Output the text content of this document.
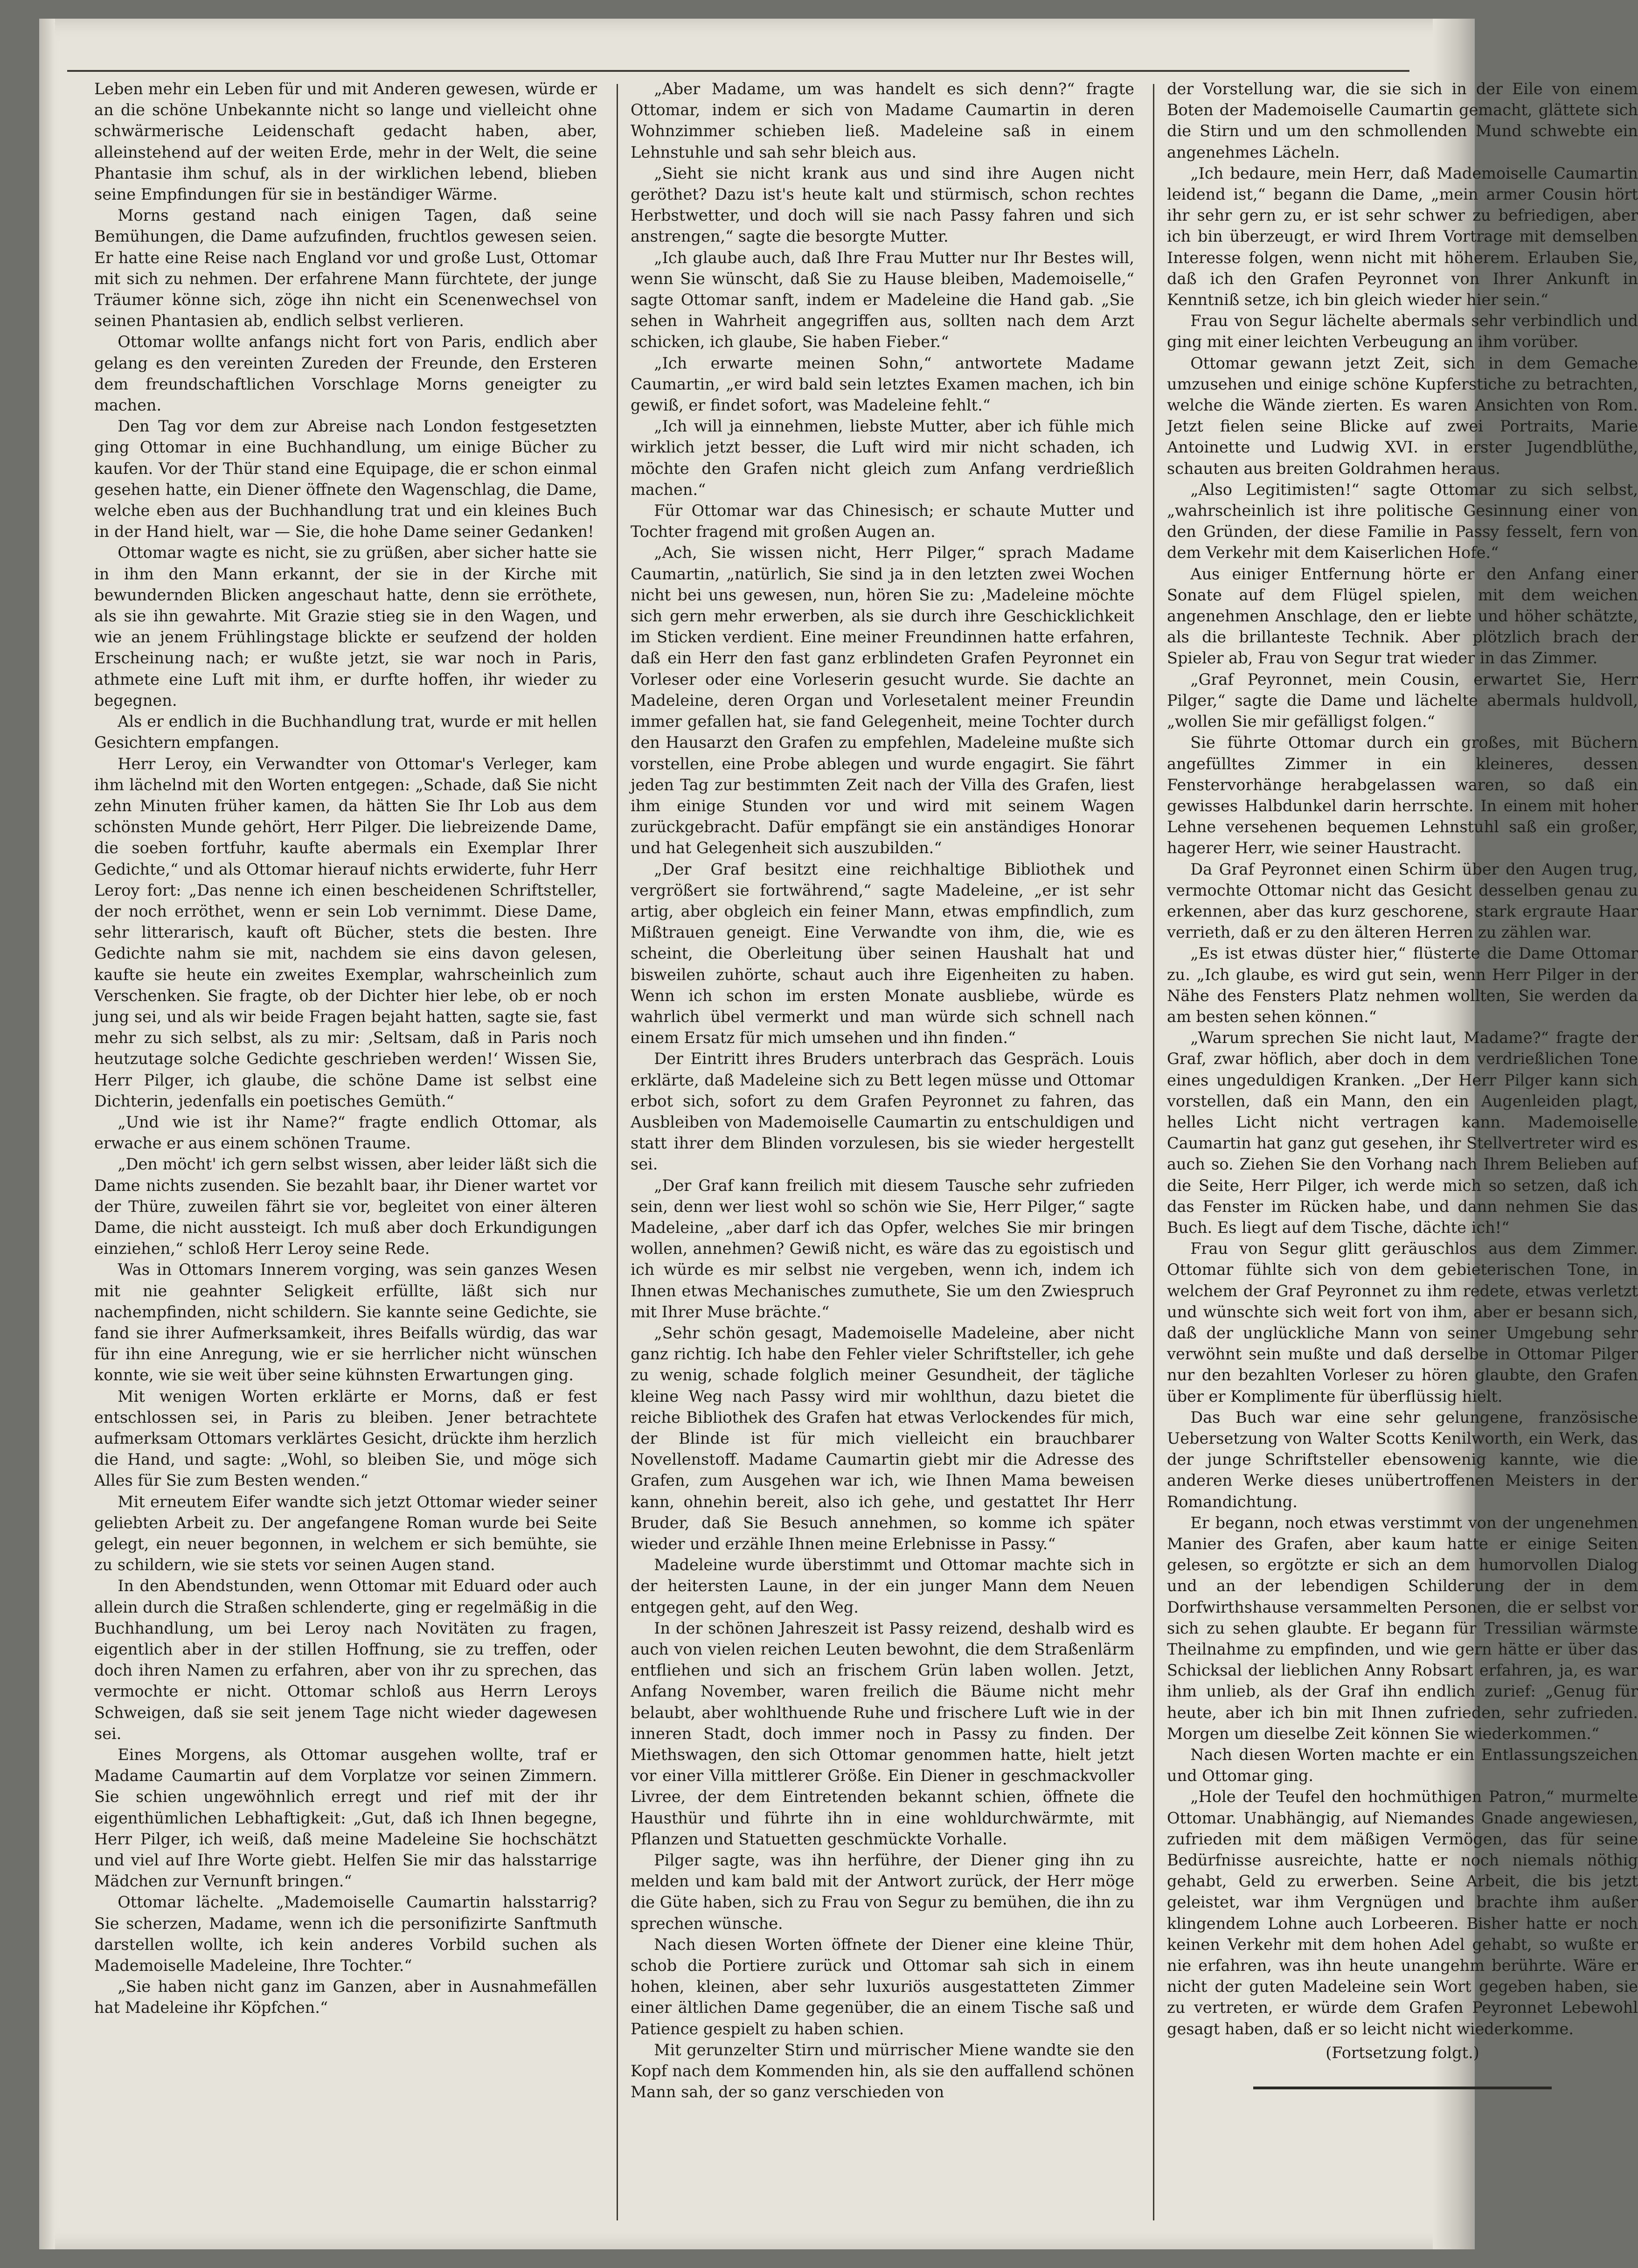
Leben mehr ein Leben für und mit Anderen gewesen, würde er an die schöne Unbekannte nicht so lange und vielleicht ohne schwärmerische Leidenschaft gedacht haben, aber, alleinstehend auf der weiten Erde, mehr in der Welt, die seine Phantasie ihm schuf, als in der wirklichen lebend, blieben seine Empfindungen für sie in beständiger Wärme.

Morns gestand nach einigen Tagen, daß seine Bemühungen, die Dame aufzufinden, fruchtlos gewesen seien. Er hatte eine Reise nach England vor und große Lust, Ottomar mit sich zu nehmen. Der erfahrene Mann fürchtete, der junge Träumer könne sich, zöge ihn nicht ein Scenenwechsel von seinen Phantasien ab, endlich selbst verlieren.

Ottomar wollte anfangs nicht fort von Paris, endlich aber gelang es den vereinten Zureden der Freunde, den Ersteren dem freundschaftlichen Vorschlage Morns geneigter zu machen.

Den Tag vor dem zur Abreise nach London festgesetzten ging Ottomar in eine Buchhandlung, um einige Bücher zu kaufen. Vor der Thür stand eine Equipage, die er schon einmal gesehen hatte, ein Diener öffnete den Wagenschlag, die Dame, welche eben aus der Buchhandlung trat und ein kleines Buch in der Hand hielt, war — Sie, die hohe Dame seiner Gedanken!

Ottomar wagte es nicht, sie zu grüßen, aber sicher hatte sie in ihm den Mann erkannt, der sie in der Kirche mit bewundernden Blicken angeschaut hatte, denn sie erröthete, als sie ihn gewahrte. Mit Grazie stieg sie in den Wagen, und wie an jenem Frühlingstage blickte er seufzend der holden Erscheinung nach; er wußte jetzt, sie war noch in Paris, athmete eine Luft mit ihm, er durfte hoffen, ihr wieder zu begegnen.

Als er endlich in die Buchhandlung trat, wurde er mit hellen Gesichtern empfangen.

Herr Leroy, ein Verwandter von Ottomar's Verleger, kam ihm lächelnd mit den Worten entgegen: „Schade, daß Sie nicht zehn Minuten früher kamen, da hätten Sie Ihr Lob aus dem schönsten Munde gehört, Herr Pilger. Die liebreizende Dame, die soeben fortfuhr, kaufte abermals ein Exemplar Ihrer Gedichte,“ und als Ottomar hierauf nichts erwiderte, fuhr Herr Leroy fort: „Das nenne ich einen bescheidenen Schriftsteller, der noch erröthet, wenn er sein Lob vernimmt. Diese Dame, sehr litterarisch, kauft oft Bücher, stets die besten. Ihre Gedichte nahm sie mit, nachdem sie eins davon gelesen, kaufte sie heute ein zweites Exemplar, wahrscheinlich zum Verschenken. Sie fragte, ob der Dichter hier lebe, ob er noch jung sei, und als wir beide Fragen bejaht hatten, sagte sie, fast mehr zu sich selbst, als zu mir: ‚Seltsam, daß in Paris noch heutzutage solche Gedichte geschrieben werden!‘ Wissen Sie, Herr Pilger, ich glaube, die schöne Dame ist selbst eine Dichterin, jedenfalls ein poetisches Gemüth.“

„Und wie ist ihr Name?“ fragte endlich Ottomar, als erwache er aus einem schönen Traume.

„Den möcht' ich gern selbst wissen, aber leider läßt sich die Dame nichts zusenden. Sie bezahlt baar, ihr Diener wartet vor der Thüre, zuweilen fährt sie vor, begleitet von einer älteren Dame, die nicht aussteigt. Ich muß aber doch Erkundigungen einziehen,“ schloß Herr Leroy seine Rede.

Was in Ottomars Innerem vorging, was sein ganzes Wesen mit nie geahnter Seligkeit erfüllte, läßt sich nur nachempfinden, nicht schildern. Sie kannte seine Gedichte, sie fand sie ihrer Aufmerksamkeit, ihres Beifalls würdig, das war für ihn eine Anregung, wie er sie herrlicher nicht wünschen konnte, wie sie weit über seine kühnsten Erwartungen ging.

Mit wenigen Worten erklärte er Morns, daß er fest entschlossen sei, in Paris zu bleiben. Jener betrachtete aufmerksam Ottomars verklärtes Gesicht, drückte ihm herzlich die Hand, und sagte: „Wohl, so bleiben Sie, und möge sich Alles für Sie zum Besten wenden.“

Mit erneutem Eifer wandte sich jetzt Ottomar wieder seiner geliebten Arbeit zu. Der angefangene Roman wurde bei Seite gelegt, ein neuer begonnen, in welchem er sich bemühte, sie zu schildern, wie sie stets vor seinen Augen stand.

In den Abendstunden, wenn Ottomar mit Eduard oder auch allein durch die Straßen schlenderte, ging er regelmäßig in die Buchhandlung, um bei Leroy nach Novitäten zu fragen, eigentlich aber in der stillen Hoffnung, sie zu treffen, oder doch ihren Namen zu erfahren, aber von ihr zu sprechen, das vermochte er nicht. Ottomar schloß aus Herrn Leroys Schweigen, daß sie seit jenem Tage nicht wieder dagewesen sei.

Eines Morgens, als Ottomar ausgehen wollte, traf er Madame Caumartin auf dem Vorplatze vor seinen Zimmern. Sie schien ungewöhnlich erregt und rief mit der ihr eigenthümlichen Lebhaftigkeit: „Gut, daß ich Ihnen begegne, Herr Pilger, ich weiß, daß meine Madeleine Sie hochschätzt und viel auf Ihre Worte giebt. Helfen Sie mir das halsstarrige Mädchen zur Vernunft bringen.“

Ottomar lächelte. „Mademoiselle Caumartin halsstarrig? Sie scherzen, Madame, wenn ich die personifizirte Sanftmuth darstellen wollte, ich kein anderes Vorbild suchen als Mademoiselle Madeleine, Ihre Tochter.“

„Sie haben nicht ganz im Ganzen, aber in Ausnahmefällen hat Madeleine ihr Köpfchen.“

„Aber Madame, um was handelt es sich denn?“ fragte Ottomar, indem er sich von Madame Caumartin in deren Wohnzimmer schieben ließ. Madeleine saß in einem Lehnstuhle und sah sehr bleich aus.

„Sieht sie nicht krank aus und sind ihre Augen nicht geröthet? Dazu ist's heute kalt und stürmisch, schon rechtes Herbstwetter, und doch will sie nach Passy fahren und sich anstrengen,“ sagte die besorgte Mutter.

„Ich glaube auch, daß Ihre Frau Mutter nur Ihr Bestes will, wenn Sie wünscht, daß Sie zu Hause bleiben, Mademoiselle,“ sagte Ottomar sanft, indem er Madeleine die Hand gab. „Sie sehen in Wahrheit angegriffen aus, sollten nach dem Arzt schicken, ich glaube, Sie haben Fieber.“

„Ich erwarte meinen Sohn,“ antwortete Madame Caumartin, „er wird bald sein letztes Examen machen, ich bin gewiß, er findet sofort, was Madeleine fehlt.“

„Ich will ja einnehmen, liebste Mutter, aber ich fühle mich wirklich jetzt besser, die Luft wird mir nicht schaden, ich möchte den Grafen nicht gleich zum Anfang verdrießlich machen.“

Für Ottomar war das Chinesisch; er schaute Mutter und Tochter fragend mit großen Augen an.

„Ach, Sie wissen nicht, Herr Pilger,“ sprach Madame Caumartin, „natürlich, Sie sind ja in den letzten zwei Wochen nicht bei uns gewesen, nun, hören Sie zu: ‚Madeleine möchte sich gern mehr erwerben, als sie durch ihre Geschicklichkeit im Sticken verdient. Eine meiner Freundinnen hatte erfahren, daß ein Herr den fast ganz erblindeten Grafen Peyronnet ein Vorleser oder eine Vorleserin gesucht wurde. Sie dachte an Madeleine, deren Organ und Vorlesetalent meiner Freundin immer gefallen hat, sie fand Gelegenheit, meine Tochter durch den Hausarzt den Grafen zu empfehlen, Madeleine mußte sich vorstellen, eine Probe ablegen und wurde engagirt. Sie fährt jeden Tag zur bestimmten Zeit nach der Villa des Grafen, liest ihm einige Stunden vor und wird mit seinem Wagen zurückgebracht. Dafür empfängt sie ein anständiges Honorar und hat Gelegenheit sich auszubilden.“

„Der Graf besitzt eine reichhaltige Bibliothek und vergrößert sie fortwährend,“ sagte Madeleine, „er ist sehr artig, aber obgleich ein feiner Mann, etwas empfindlich, zum Mißtrauen geneigt. Eine Verwandte von ihm, die, wie es scheint, die Oberleitung über seinen Haushalt hat und bisweilen zuhörte, schaut auch ihre Eigenheiten zu haben. Wenn ich schon im ersten Monate ausbliebe, würde es wahrlich übel vermerkt und man würde sich schnell nach einem Ersatz für mich umsehen und ihn finden.“

Der Eintritt ihres Bruders unterbrach das Gespräch. Louis erklärte, daß Madeleine sich zu Bett legen müsse und Ottomar erbot sich, sofort zu dem Grafen Peyronnet zu fahren, das Ausbleiben von Mademoiselle Caumartin zu entschuldigen und statt ihrer dem Blinden vorzulesen, bis sie wieder hergestellt sei.

„Der Graf kann freilich mit diesem Tausche sehr zufrieden sein, denn wer liest wohl so schön wie Sie, Herr Pilger,“ sagte Madeleine, „aber darf ich das Opfer, welches Sie mir bringen wollen, annehmen? Gewiß nicht, es wäre das zu egoistisch und ich würde es mir selbst nie vergeben, wenn ich, indem ich Ihnen etwas Mechanisches zumuthete, Sie um den Zwiespruch mit Ihrer Muse brächte.“

„Sehr schön gesagt, Mademoiselle Madeleine, aber nicht ganz richtig. Ich habe den Fehler vieler Schriftsteller, ich gehe zu wenig, schade folglich meiner Gesundheit, der tägliche kleine Weg nach Passy wird mir wohlthun, dazu bietet die reiche Bibliothek des Grafen hat etwas Verlockendes für mich, der Blinde ist für mich vielleicht ein brauchbarer Novellenstoff. Madame Caumartin giebt mir die Adresse des Grafen, zum Ausgehen war ich, wie Ihnen Mama beweisen kann, ohnehin bereit, also ich gehe, und gestattet Ihr Herr Bruder, daß Sie Besuch annehmen, so komme ich später wieder und erzähle Ihnen meine Erlebnisse in Passy.“

Madeleine wurde überstimmt und Ottomar machte sich in der heitersten Laune, in der ein junger Mann dem Neuen entgegen geht, auf den Weg.

In der schönen Jahreszeit ist Passy reizend, deshalb wird es auch von vielen reichen Leuten bewohnt, die dem Straßenlärm entfliehen und sich an frischem Grün laben wollen. Jetzt, Anfang November, waren freilich die Bäume nicht mehr belaubt, aber wohlthuende Ruhe und frischere Luft wie in der inneren Stadt, doch immer noch in Passy zu finden. Der Miethswagen, den sich Ottomar genommen hatte, hielt jetzt vor einer Villa mittlerer Größe. Ein Diener in geschmackvoller Livree, der dem Eintretenden bekannt schien, öffnete die Hausthür und führte ihn in eine wohldurchwärmte, mit Pflanzen und Statuetten geschmückte Vorhalle.

Pilger sagte, was ihn herführe, der Diener ging ihn zu melden und kam bald mit der Antwort zurück, der Herr möge die Güte haben, sich zu Frau von Segur zu bemühen, die ihn zu sprechen wünsche.

Nach diesen Worten öffnete der Diener eine kleine Thür, schob die Portiere zurück und Ottomar sah sich in einem hohen, kleinen, aber sehr luxuriös ausgestatteten Zimmer einer ältlichen Dame gegenüber, die an einem Tische saß und Patience gespielt zu haben schien.

Mit gerunzelter Stirn und mürrischer Miene wandte sie den Kopf nach dem Kommenden hin, als sie den auffallend schönen Mann sah, der so ganz verschieden von

der Vorstellung war, die sie sich in der Eile von einem Boten der Mademoiselle Caumartin gemacht, glättete sich die Stirn und um den schmollenden Mund schwebte ein angenehmes Lächeln.

„Ich bedaure, mein Herr, daß Mademoiselle Caumartin leidend ist,“ begann die Dame, „mein armer Cousin hört ihr sehr gern zu, er ist sehr schwer zu befriedigen, aber ich bin überzeugt, er wird Ihrem Vortrage mit demselben Interesse folgen, wenn nicht mit höherem. Erlauben Sie, daß ich den Grafen Peyronnet von Ihrer Ankunft in Kenntniß setze, ich bin gleich wieder hier sein.“

Frau von Segur lächelte abermals sehr verbindlich und ging mit einer leichten Verbeugung an ihm vorüber.

Ottomar gewann jetzt Zeit, sich in dem Gemache umzusehen und einige schöne Kupferstiche zu betrachten, welche die Wände zierten. Es waren Ansichten von Rom. Jetzt fielen seine Blicke auf zwei Portraits, Marie Antoinette und Ludwig XVI. in erster Jugendblüthe, schauten aus breiten Goldrahmen heraus.

„Also Legitimisten!“ sagte Ottomar zu sich selbst, „wahrscheinlich ist ihre politische Gesinnung einer von den Gründen, der diese Familie in Passy fesselt, fern von dem Verkehr mit dem Kaiserlichen Hofe.“

Aus einiger Entfernung hörte er den Anfang einer Sonate auf dem Flügel spielen, mit dem weichen angenehmen Anschlage, den er liebte und höher schätzte, als die brillanteste Technik. Aber plötzlich brach der Spieler ab, Frau von Segur trat wieder in das Zimmer.

„Graf Peyronnet, mein Cousin, erwartet Sie, Herr Pilger,“ sagte die Dame und lächelte abermals huldvoll, „wollen Sie mir gefälligst folgen.“

Sie führte Ottomar durch ein großes, mit Büchern angefülltes Zimmer in ein kleineres, dessen Fenstervorhänge herabgelassen waren, so daß ein gewisses Halbdunkel darin herrschte. In einem mit hoher Lehne versehenen bequemen Lehnstuhl saß ein großer, hagerer Herr, wie seiner Haustracht.

Da Graf Peyronnet einen Schirm über den Augen trug, vermochte Ottomar nicht das Gesicht desselben genau zu erkennen, aber das kurz geschorene, stark ergraute Haar verrieth, daß er zu den älteren Herren zu zählen war.

„Es ist etwas düster hier,“ flüsterte die Dame Ottomar zu. „Ich glaube, es wird gut sein, wenn Herr Pilger in der Nähe des Fensters Platz nehmen wollten, Sie werden da am besten sehen können.“

„Warum sprechen Sie nicht laut, Madame?“ fragte der Graf, zwar höflich, aber doch in dem verdrießlichen Tone eines ungeduldigen Kranken. „Der Herr Pilger kann sich vorstellen, daß ein Mann, den ein Augenleiden plagt, helles Licht nicht vertragen kann. Mademoiselle Caumartin hat ganz gut gesehen, ihr Stellvertreter wird es auch so. Ziehen Sie den Vorhang nach Ihrem Belieben auf die Seite, Herr Pilger, ich werde mich so setzen, daß ich das Fenster im Rücken habe, und dann nehmen Sie das Buch. Es liegt auf dem Tische, dächte ich!“

Frau von Segur glitt geräuschlos aus dem Zimmer. Ottomar fühlte sich von dem gebieterischen Tone, in welchem der Graf Peyronnet zu ihm redete, etwas verletzt und wünschte sich weit fort von ihm, aber er besann sich, daß der unglückliche Mann von seiner Umgebung sehr verwöhnt sein mußte und daß derselbe in Ottomar Pilger nur den bezahlten Vorleser zu hören glaubte, den Grafen über er Komplimente für überflüssig hielt.

Das Buch war eine sehr gelungene, französische Uebersetzung von Walter Scotts Kenilworth, ein Werk, das der junge Schriftsteller ebensowenig kannte, wie die anderen Werke dieses unübertroffenen Meisters in der Romandichtung.

Er begann, noch etwas verstimmt von der ungenehmen Manier des Grafen, aber kaum hatte er einige Seiten gelesen, so ergötzte er sich an dem humorvollen Dialog und an der lebendigen Schilderung der in dem Dorfwirthshause versammelten Personen, die er selbst vor sich zu sehen glaubte. Er begann für Tressilian wärmste Theilnahme zu empfinden, und wie gern hätte er über das Schicksal der lieblichen Anny Robsart erfahren, ja, es war ihm unlieb, als der Graf ihn endlich zurief: „Genug für heute, aber ich bin mit Ihnen zufrieden, sehr zufrieden. Morgen um dieselbe Zeit können Sie wiederkommen.“

Nach diesen Worten machte er ein Entlassungszeichen und Ottomar ging.

„Hole der Teufel den hochmüthigen Patron,“ murmelte Ottomar. Unabhängig, auf Niemandes Gnade angewiesen, zufrieden mit dem mäßigen Vermögen, das für seine Bedürfnisse ausreichte, hatte er noch niemals nöthig gehabt, Geld zu erwerben. Seine Arbeit, die bis jetzt geleistet, war ihm Vergnügen und brachte ihm außer klingendem Lohne auch Lorbeeren. Bisher hatte er noch keinen Verkehr mit dem hohen Adel gehabt, so wußte er nie erfahren, was ihn heute unangehm berührte. Wäre er nicht der guten Madeleine sein Wort gegeben haben, sie zu vertreten, er würde dem Grafen Peyronnet Lebewohl gesagt haben, daß er so leicht nicht wiederkomme.

(Fortsetzung folgt.)
